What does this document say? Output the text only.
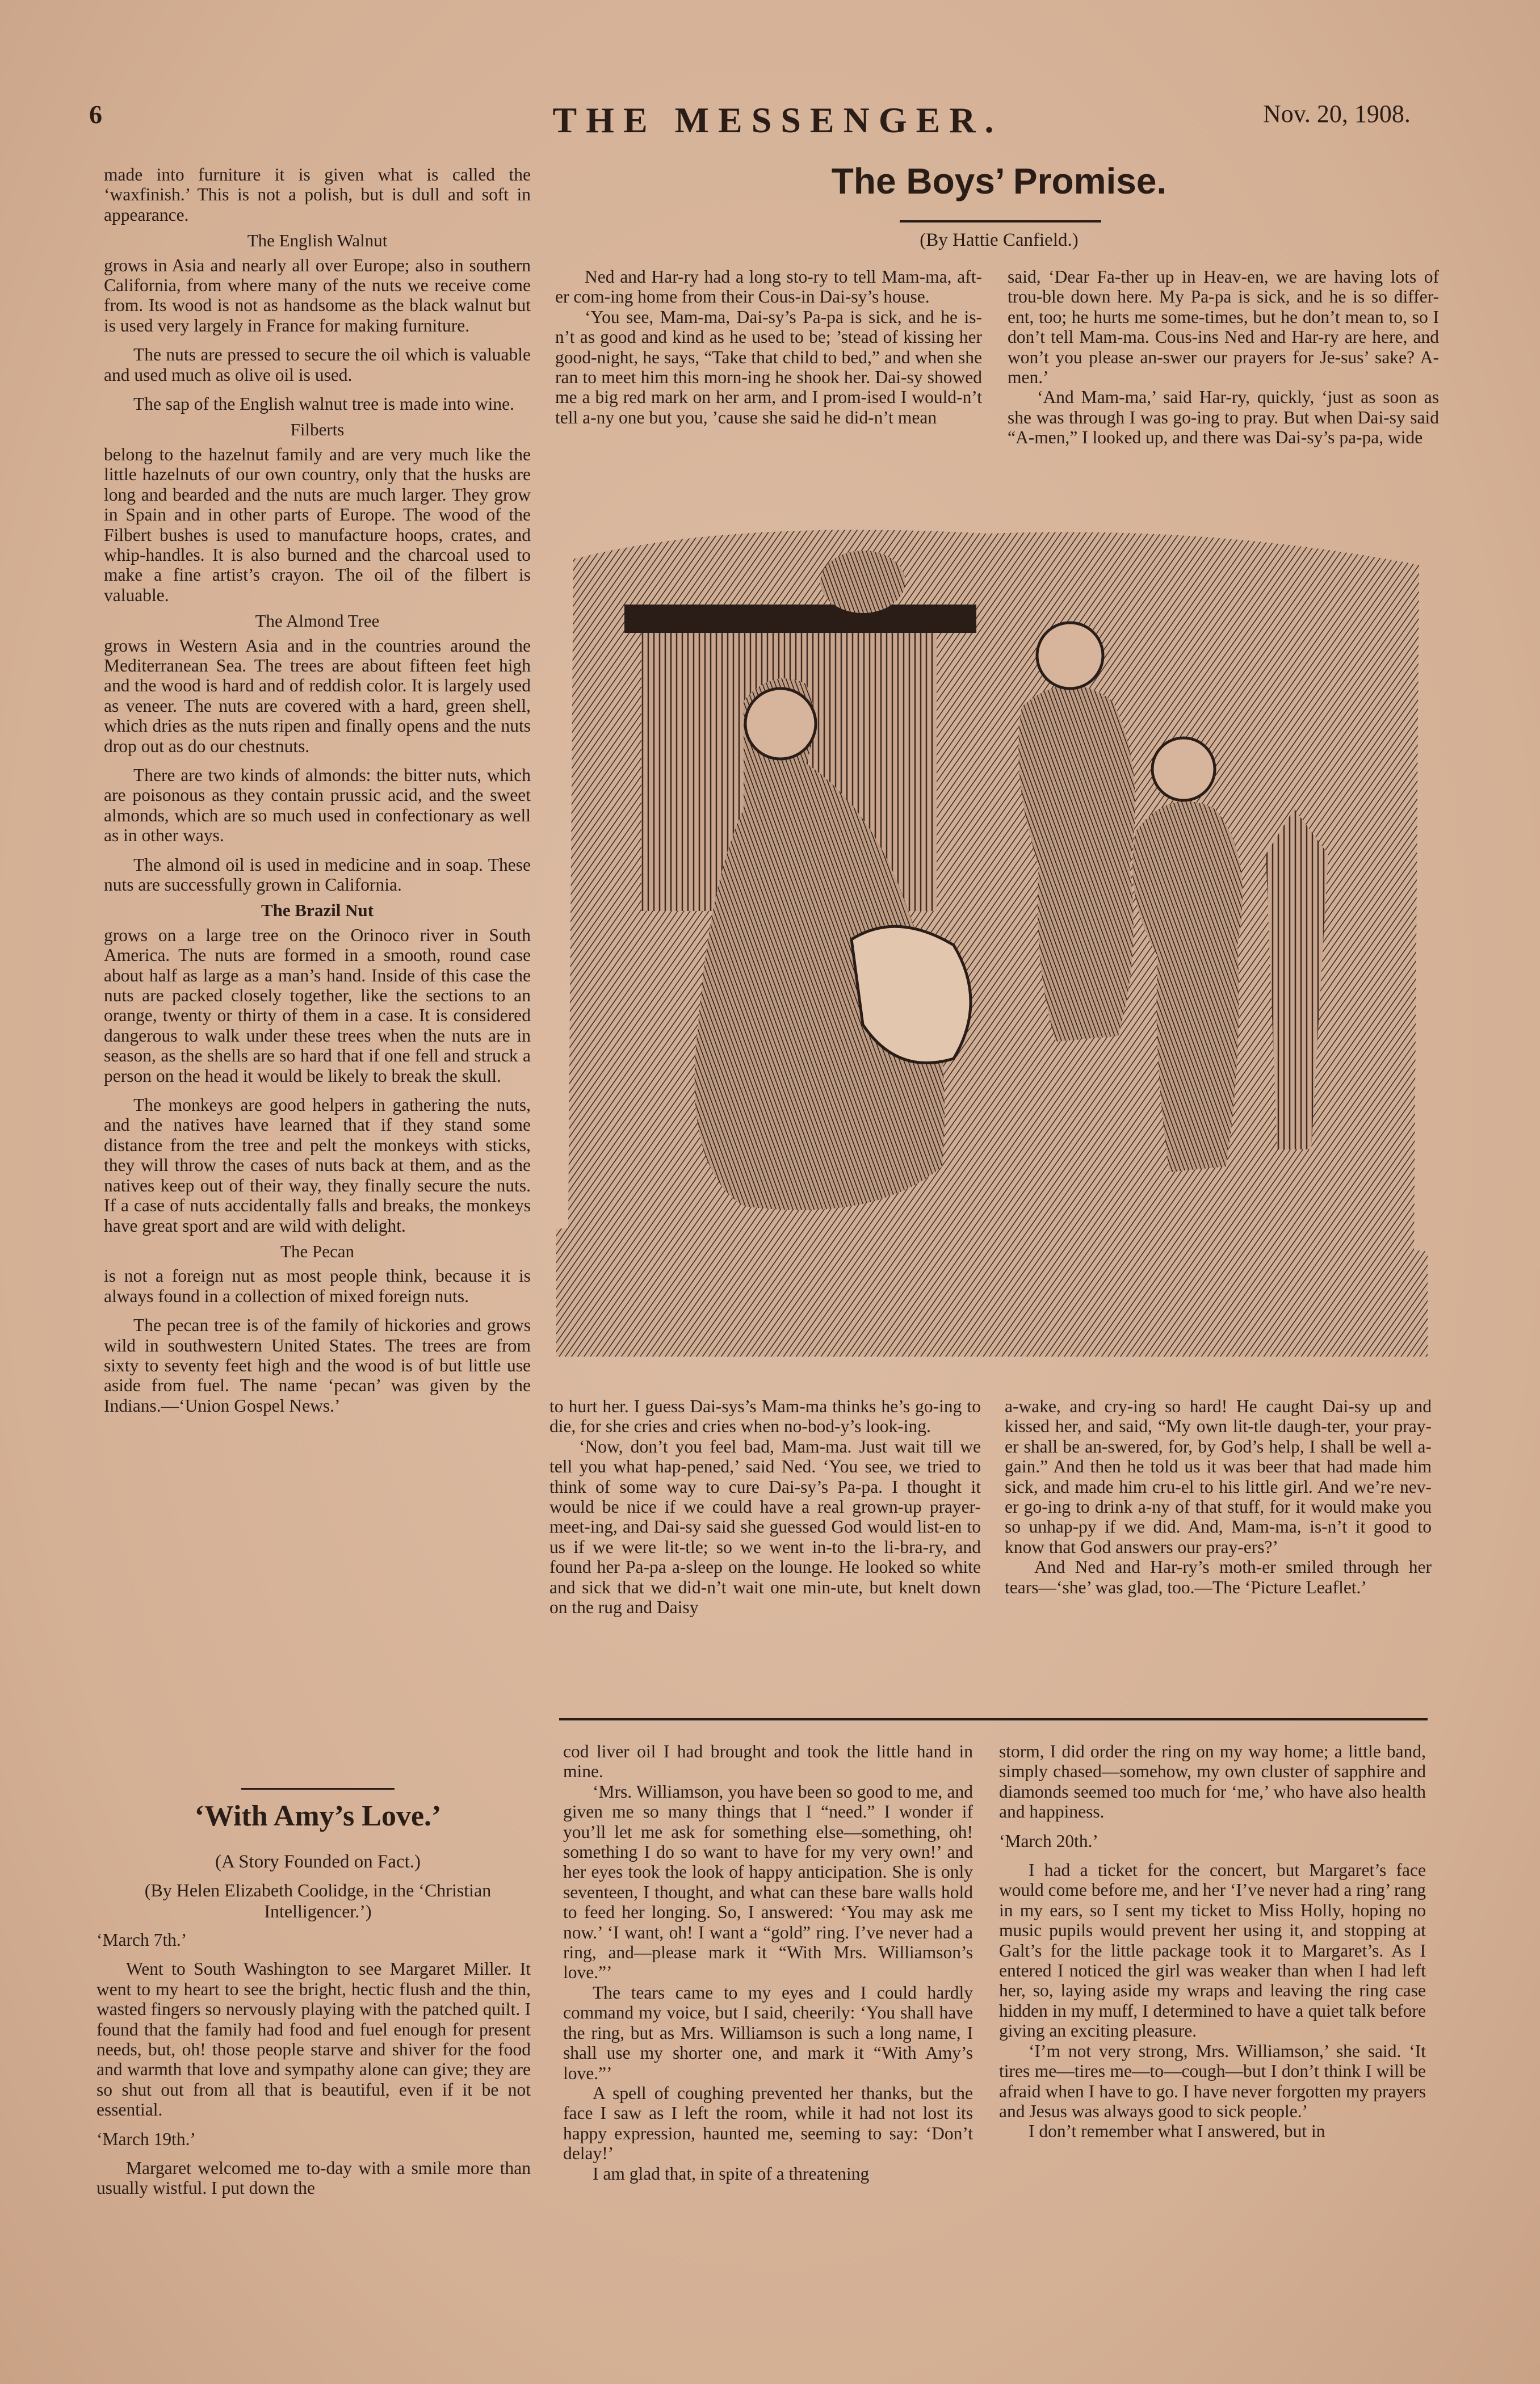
6	THE MESSENGER.	Nov. 20, 1908.

made into furniture it is given what is called the ‘waxfinish.’ This is not a polish, but is dull and soft in appearance.

The English Walnut

grows in Asia and nearly all over Europe; also in southern California, from where many of the nuts we receive come from. Its wood is not as handsome as the black walnut but is used very largely in France for making furniture.

The nuts are pressed to secure the oil which is valuable and used much as olive oil is used.

The sap of the English walnut tree is made into wine.

Filberts

belong to the hazelnut family and are very much like the little hazelnuts of our own country, only that the husks are long and bearded and the nuts are much larger. They grow in Spain and in other parts of Europe. The wood of the Filbert bushes is used to manufacture hoops, crates, and whip-handles. It is also burned and the charcoal used to make a fine artist’s crayon. The oil of the filbert is valuable.

The Almond Tree

grows in Western Asia and in the countries around the Mediterranean Sea. The trees are about fifteen feet high and the wood is hard and of reddish color. It is largely used as veneer. The nuts are covered with a hard, green shell, which dries as the nuts ripen and finally opens and the nuts drop out as do our chestnuts.

There are two kinds of almonds: the bitter nuts, which are poisonous as they contain prussic acid, and the sweet almonds, which are so much used in confectionary as well as in other ways.

The almond oil is used in medicine and in soap. These nuts are successfully grown in California.

The Brazil Nut

grows on a large tree on the Orinoco river in South America. The nuts are formed in a smooth, round case about half as large as a man’s hand. Inside of this case the nuts are packed closely together, like the sections to an orange, twenty or thirty of them in a case. It is considered dangerous to walk under these trees when the nuts are in season, as the shells are so hard that if one fell and struck a person on the head it would be likely to break the skull.

The monkeys are good helpers in gathering the nuts, and the natives have learned that if they stand some distance from the tree and pelt the monkeys with sticks, they will throw the cases of nuts back at them, and as the natives keep out of their way, they finally secure the nuts. If a case of nuts accidentally falls and breaks, the monkeys have great sport and are wild with delight.

The Pecan

is not a foreign nut as most people think, because it is always found in a collection of mixed foreign nuts.

The pecan tree is of the family of hickories and grows wild in southwestern United States. The trees are from sixty to seventy feet high and the wood is of but little use aside from fuel. The name ‘pecan’ was given by the Indians.—‘Union Gospel News.’

‘With Amy’s Love.’
(A Story Founded on Fact.)
(By Helen Elizabeth Coolidge, in the ‘Christian Intelligencer.’)

‘March 7th.’

Went to South Washington to see Margaret Miller. It went to my heart to see the bright, hectic flush and the thin, wasted fingers so nervously playing with the patched quilt. I found that the family had food and fuel enough for present needs, but, oh! those people starve and shiver for the food and warmth that love and sympathy alone can give; they are so shut out from all that is beautiful, even if it be not essential.

‘March 19th.’

Margaret welcomed me to-day with a smile more than usually wistful. I put down the

The Boys’ Promise.
(By Hattie Canfield.)

Ned and Har-ry had a long sto-ry to tell Mam-ma, aft-er com-ing home from their Cous-in Dai-sy’s house.

‘You see, Mam-ma, Dai-sy’s Pa-pa is sick, and he is-n’t as good and kind as he used to be; ’stead of kissing her good-night, he says, “Take that child to bed,” and when she ran to meet him this morn-ing he shook her. Dai-sy showed me a big red mark on her arm, and I prom-ised I would-n’t tell a-ny one but you, ’cause she said he did-n’t mean

said, ‘Dear Fa-ther up in Heav-en, we are having lots of trou-ble down here. My Pa-pa is sick, and he is so differ-ent, too; he hurts me some-times, but he don’t mean to, so I don’t tell Mam-ma. Cous-ins Ned and Har-ry are here, and won’t you please an-swer our prayers for Je-sus’ sake? A-men.’

‘And Mam-ma,’ said Har-ry, quickly, ‘just as soon as she was through I was go-ing to pray. But when Dai-sy said “A-men,” I looked up, and there was Dai-sy’s pa-pa, wide

to hurt her. I guess Dai-sys’s Mam-ma thinks he’s go-ing to die, for she cries and cries when no-bod-y’s look-ing.

‘Now, don’t you feel bad, Mam-ma. Just wait till we tell you what hap-pened,’ said Ned. ‘You see, we tried to think of some way to cure Dai-sy’s Pa-pa. I thought it would be nice if we could have a real grown-up prayer-meet-ing, and Dai-sy said she guessed God would list-en to us if we were lit-tle; so we went in-to the li-bra-ry, and found her Pa-pa a-sleep on the lounge. He looked so white and sick that we did-n’t wait one min-ute, but knelt down on the rug and Daisy

a-wake, and cry-ing so hard! He caught Dai-sy up and kissed her, and said, “My own lit-tle daugh-ter, your pray-er shall be an-swered, for, by God’s help, I shall be well a-gain.” And then he told us it was beer that had made him sick, and made him cru-el to his little girl. And we’re nev-er go-ing to drink a-ny of that stuff, for it would make you so unhap-py if we did. And, Mam-ma, is-n’t it good to know that God answers our pray-ers?’

And Ned and Har-ry’s moth-er smiled through her tears—‘she’ was glad, too.—The ‘Picture Leaflet.’

cod liver oil I had brought and took the little hand in mine.

‘Mrs. Williamson, you have been so good to me, and given me so many things that I “need.” I wonder if you’ll let me ask for something else—something, oh! something I do so want to have for my very own!’ and her eyes took the look of happy anticipation. She is only seventeen, I thought, and what can these bare walls hold to feed her longing. So, I answered: ‘You may ask me now.’ ‘I want, oh! I want a “gold” ring. I’ve never had a ring, and—please mark it “With Mrs. Williamson’s love.”’

The tears came to my eyes and I could hardly command my voice, but I said, cheerily: ‘You shall have the ring, but as Mrs. Williamson is such a long name, I shall use my shorter one, and mark it “With Amy’s love.”’

A spell of coughing prevented her thanks, but the face I saw as I left the room, while it had not lost its happy expression, haunted me, seeming to say: ‘Don’t delay!’

I am glad that, in spite of a threatening

storm, I did order the ring on my way home; a little band, simply chased—somehow, my own cluster of sapphire and diamonds seemed too much for ‘me,’ who have also health and happiness.

‘March 20th.’

I had a ticket for the concert, but Margaret’s face would come before me, and her ‘I’ve never had a ring’ rang in my ears, so I sent my ticket to Miss Holly, hoping no music pupils would prevent her using it, and stopping at Galt’s for the little package took it to Margaret’s. As I entered I noticed the girl was weaker than when I had left her, so, laying aside my wraps and leaving the ring case hidden in my muff, I determined to have a quiet talk before giving an exciting pleasure.

‘I’m not very strong, Mrs. Williamson,’ she said. ‘It tires me—tires me—to—cough—but I don’t think I will be afraid when I have to go. I have never forgotten my prayers and Jesus was always good to sick people.’

I don’t remember what I answered, but in
